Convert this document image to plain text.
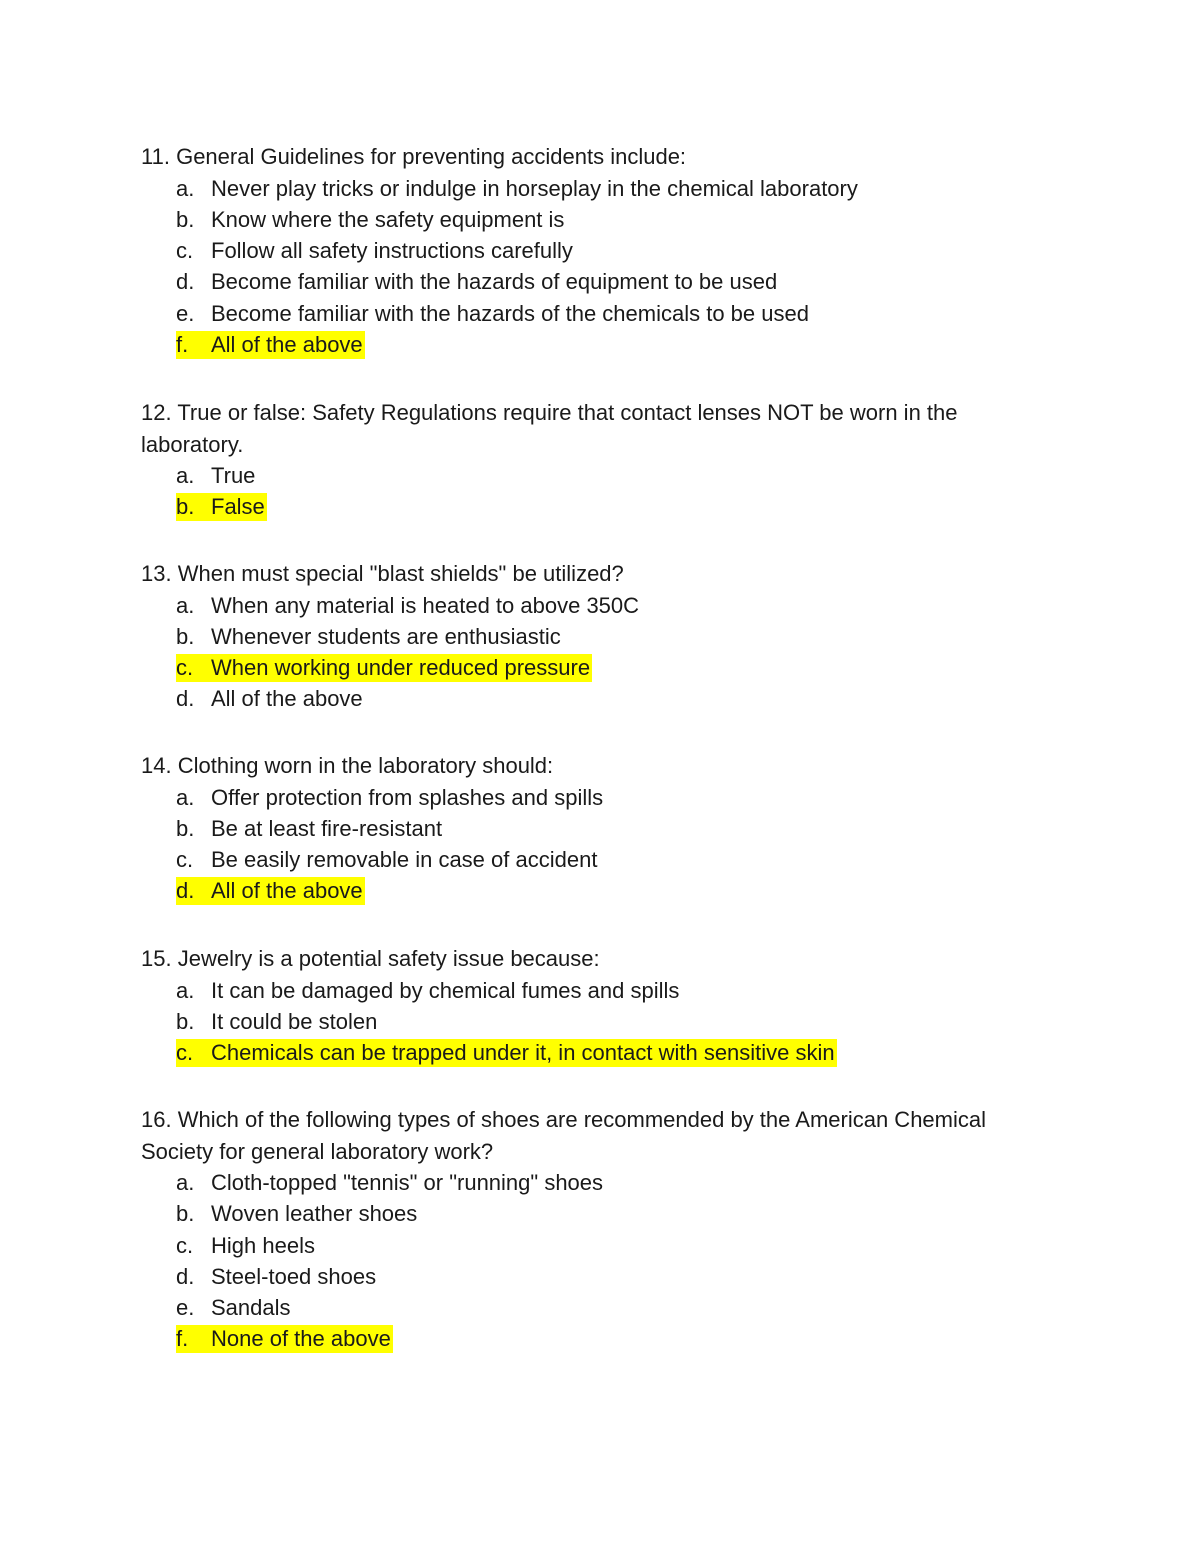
11. General Guidelines for preventing accidents include:

a. Never play tricks or indulge in horseplay in the chemical laboratory
b. Know where the safety equipment is
c. Follow all safety instructions carefully
d. Become familiar with the hazards of equipment to be used
e. Become familiar with the hazards of the chemicals to be used
f. All of the above

12. True or false: Safety Regulations require that contact lenses NOT be worn in the laboratory.

a. True
b. False

13. When must special "blast shields" be utilized?

a. When any material is heated to above 350C
b. Whenever students are enthusiastic
c. When working under reduced pressure
d. All of the above

14. Clothing worn in the laboratory should:

a. Offer protection from splashes and spills
b. Be at least fire-resistant
c. Be easily removable in case of accident
d. All of the above

15. Jewelry is a potential safety issue because:

a. It can be damaged by chemical fumes and spills
b. It could be stolen
c. Chemicals can be trapped under it, in contact with sensitive skin

16. Which of the following types of shoes are recommended by the American Chemical Society for general laboratory work?

a. Cloth-topped "tennis" or "running" shoes
b. Woven leather shoes
c. High heels
d. Steel-toed shoes
e. Sandals
f. None of the above
